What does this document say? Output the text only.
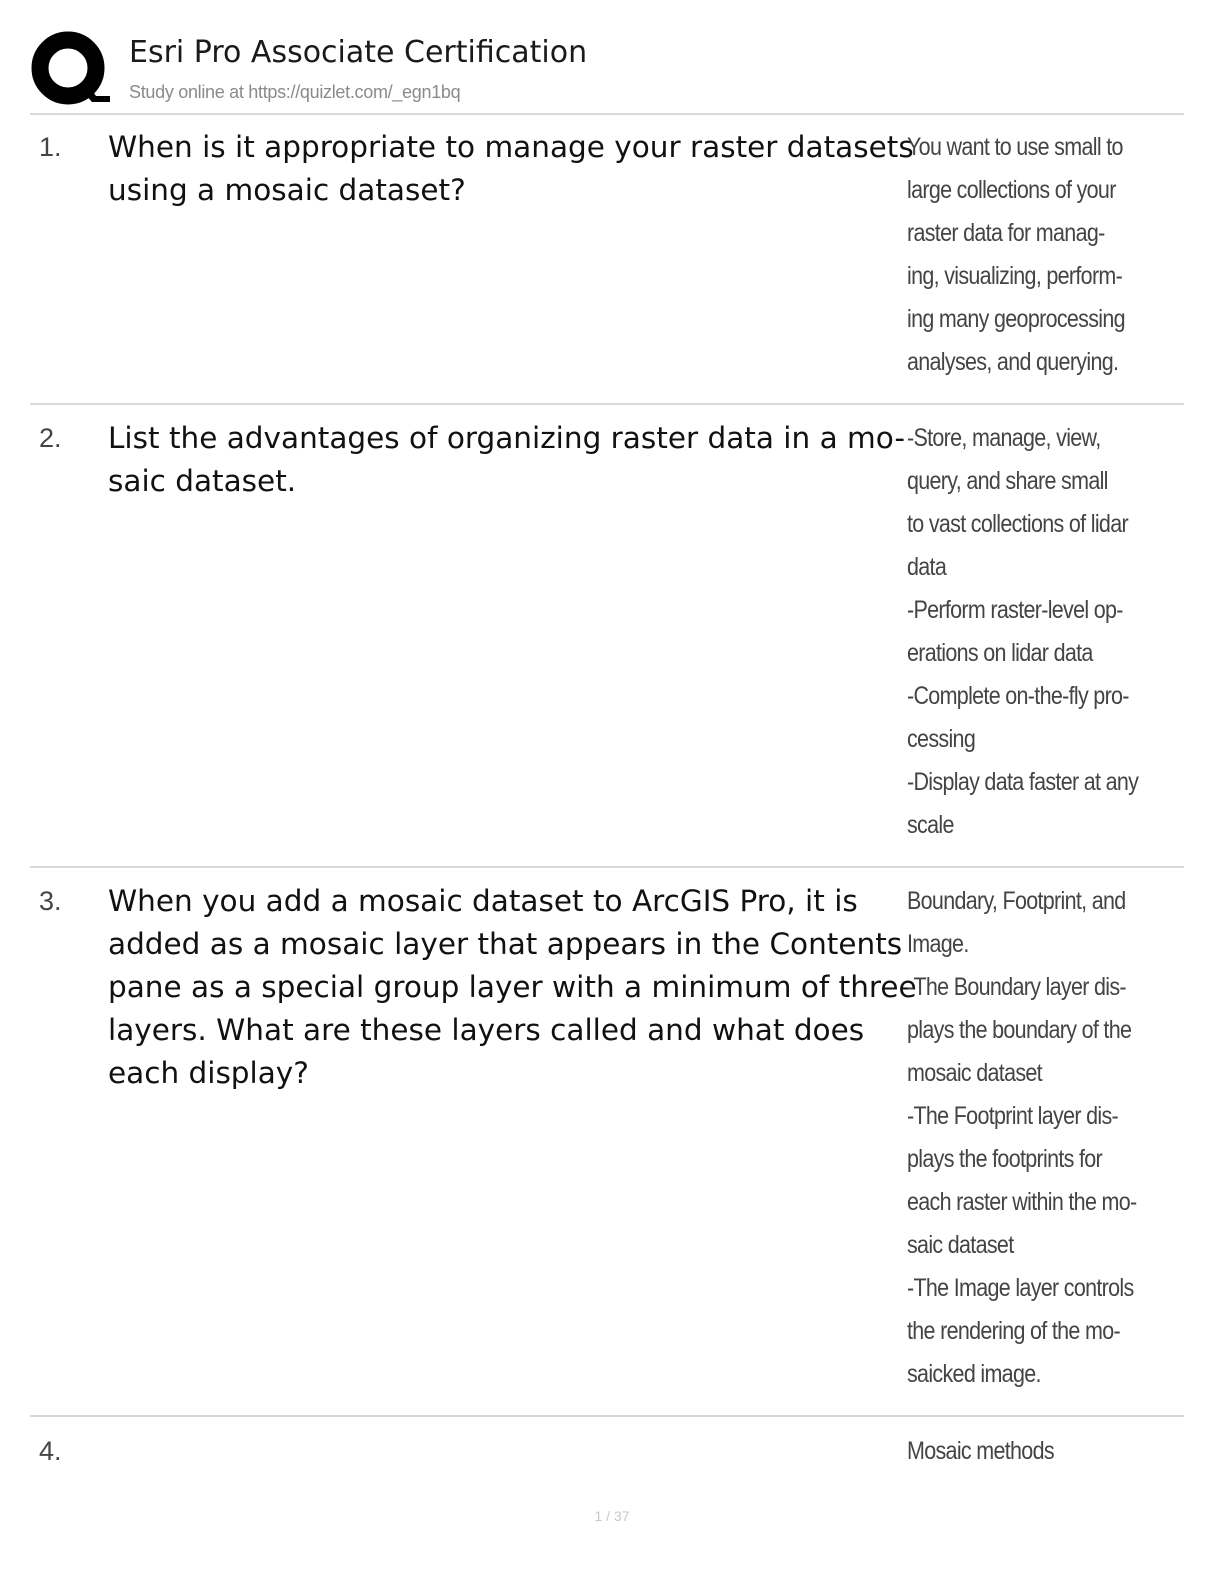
Esri Pro Associate Certification
Study online at https://quizlet.com/_egn1bq
1. When is it appropriate to manage your raster datasets
using a mosaic dataset?
You want to use small to
large collections of your
raster data for manag-
ing, visualizing, perform-
ing many geoprocessing
analyses, and querying.
2. List the advantages of organizing raster data in a mo-
saic dataset.
-Store, manage, view,
query, and share small
to vast collections of lidar
data
-Perform raster-level op-
erations on lidar data
-Complete on-the-fly pro-
cessing
-Display data faster at any
scale
3. When you add a mosaic dataset to ArcGIS Pro, it is
added as a mosaic layer that appears in the Contents
pane as a special group layer with a minimum of three
layers. What are these layers called and what does
each display?
Boundary, Footprint, and
Image.
-The Boundary layer dis-
plays the boundary of the
mosaic dataset
-The Footprint layer dis-
plays the footprints for
each raster within the mo-
saic dataset
-The Image layer controls
the rendering of the mo-
saicked image.
4.	Mosaic methods
1 / 37
